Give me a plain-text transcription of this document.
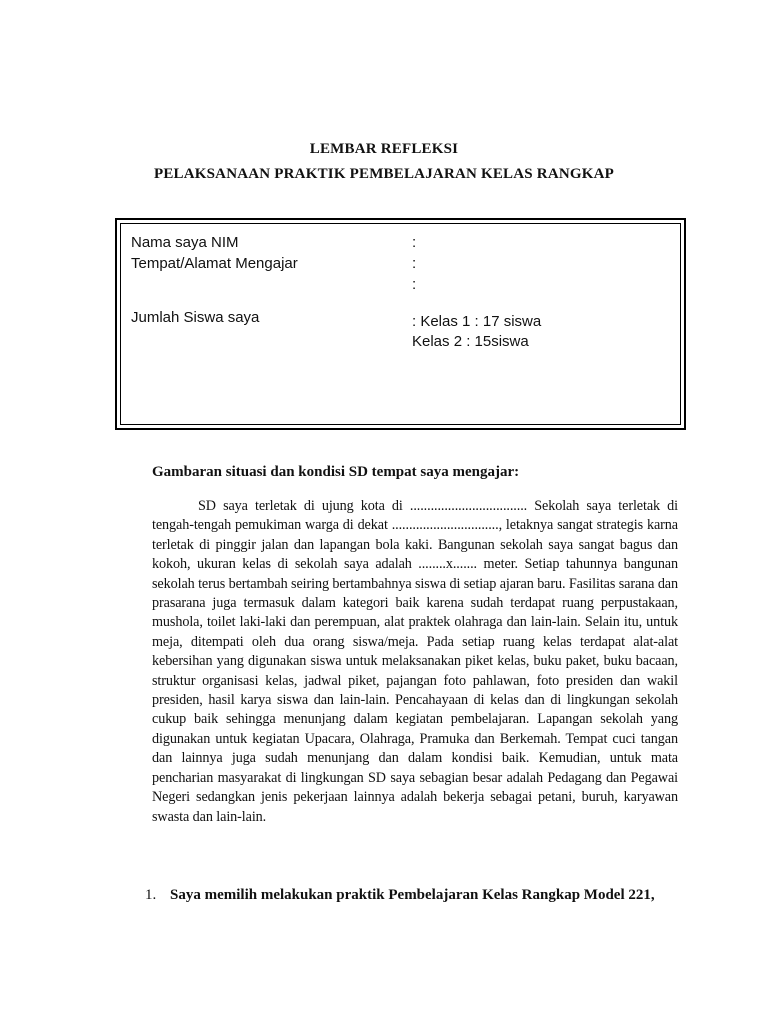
LEMBAR REFLEKSI
PELAKSANAAN PRAKTIK PEMBELAJARAN KELAS RANGKAP
Nama saya NIM	:
Tempat/Alamat Mengajar	:
:
Jumlah Siswa saya	: Kelas 1 : 17 siswa
Kelas 2 : 15siswa
Gambaran situasi dan kondisi SD tempat saya mengajar:
SD saya terletak di ujung kota di .................................. Sekolah saya terletak di tengah-tengah pemukiman warga di dekat ..............................., letaknya sangat strategis karna terletak di pinggir jalan dan lapangan bola kaki. Bangunan sekolah saya sangat bagus dan kokoh, ukuran kelas di sekolah saya adalah ........x....... meter. Setiap tahunnya bangunan sekolah terus bertambah seiring bertambahnya siswa di setiap ajaran baru. Fasilitas sarana dan prasarana juga termasuk dalam kategori baik karena sudah terdapat ruang perpustakaan, mushola, toilet laki-laki dan perempuan, alat praktek olahraga dan lain-lain. Selain itu, untuk meja, ditempati oleh dua orang siswa/meja. Pada setiap ruang kelas terdapat alat-alat kebersihan yang digunakan siswa untuk melaksanakan piket kelas, buku paket, buku bacaan, struktur organisasi kelas, jadwal piket, pajangan foto pahlawan, foto presiden dan wakil presiden, hasil karya siswa dan lain-lain. Pencahayaan di kelas dan di lingkungan sekolah cukup baik sehingga menunjang dalam kegiatan pembelajaran. Lapangan sekolah yang digunakan untuk kegiatan Upacara, Olahraga, Pramuka dan Berkemah. Tempat cuci tangan dan lainnya juga sudah menunjang dan dalam kondisi baik. Kemudian, untuk mata pencharian masyarakat di lingkungan SD saya sebagian besar adalah Pedagang dan Pegawai Negeri sedangkan jenis pekerjaan lainnya adalah bekerja sebagai petani, buruh, karyawan swasta dan lain-lain.
1. Saya memilih melakukan praktik Pembelajaran Kelas Rangkap Model 221,
